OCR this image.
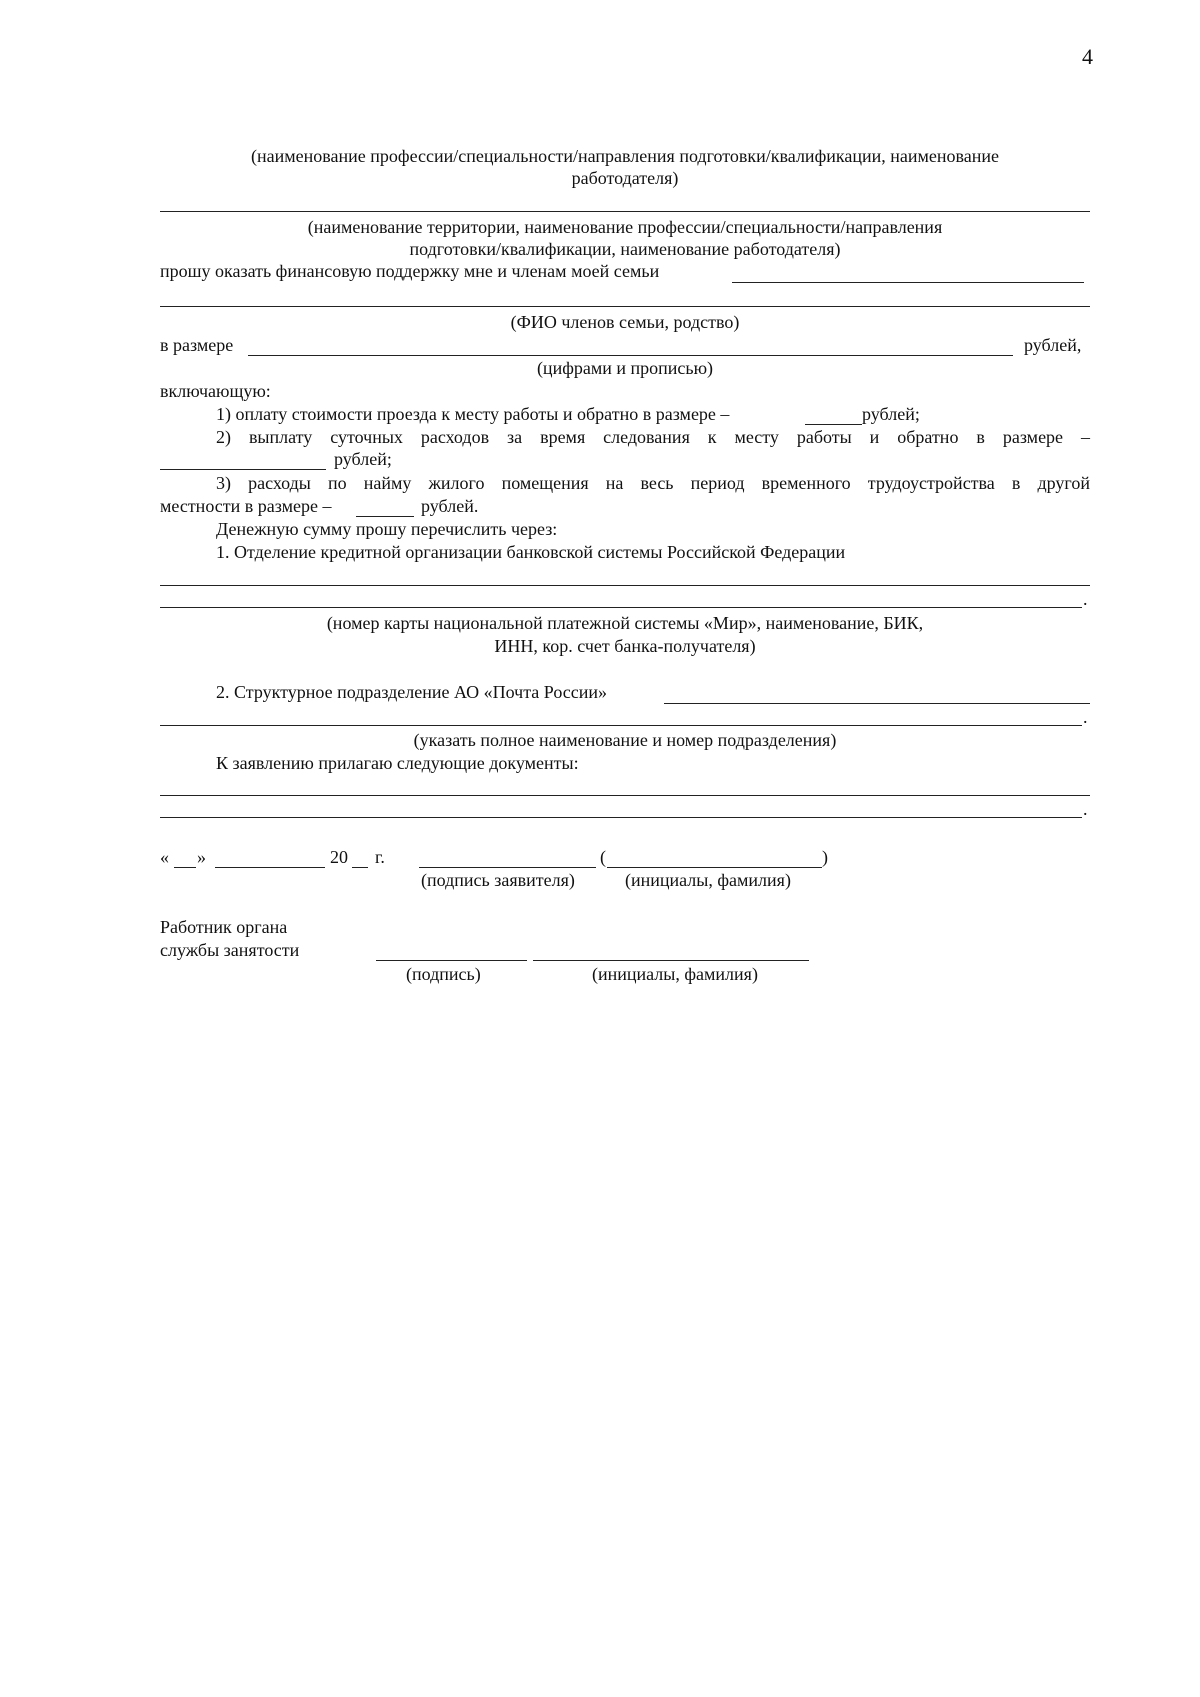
4
(наименование профессии/специальности/направления подготовки/квалификации, наименование
работодателя)
(наименование территории, наименование профессии/специальности/направления
подготовки/квалификации, наименование работодателя)
прошу оказать финансовую поддержку мне и членам моей семьи
(ФИО членов семьи, родство)
в размере	рублей,
(цифрами и прописью)
включающую:
1) оплату стоимости проезда к месту работы и обратно в размере –	рублей;
2) выплату суточных расходов за время следования к месту работы и обратно в размере –
рублей;
3) расходы по найму жилого помещения на весь период временного трудоустройства в другой
местности в размере –	рублей.
Денежную сумму прошу перечислить через:
1. Отделение кредитной организации банковской системы Российской Федерации
.
(номер карты национальной платежной системы «Мир», наименование, БИК,
ИНН, кор. счет банка-получателя)
2. Структурное подразделение АО «Почта России»
.
(указать полное наименование и номер подразделения)
К заявлению прилагаю следующие документы:
.
« »	20 г.	(	)
(подпись заявителя)	(инициалы, фамилия)
Работник органа
службы занятости
(подпись)	(инициалы, фамилия)
